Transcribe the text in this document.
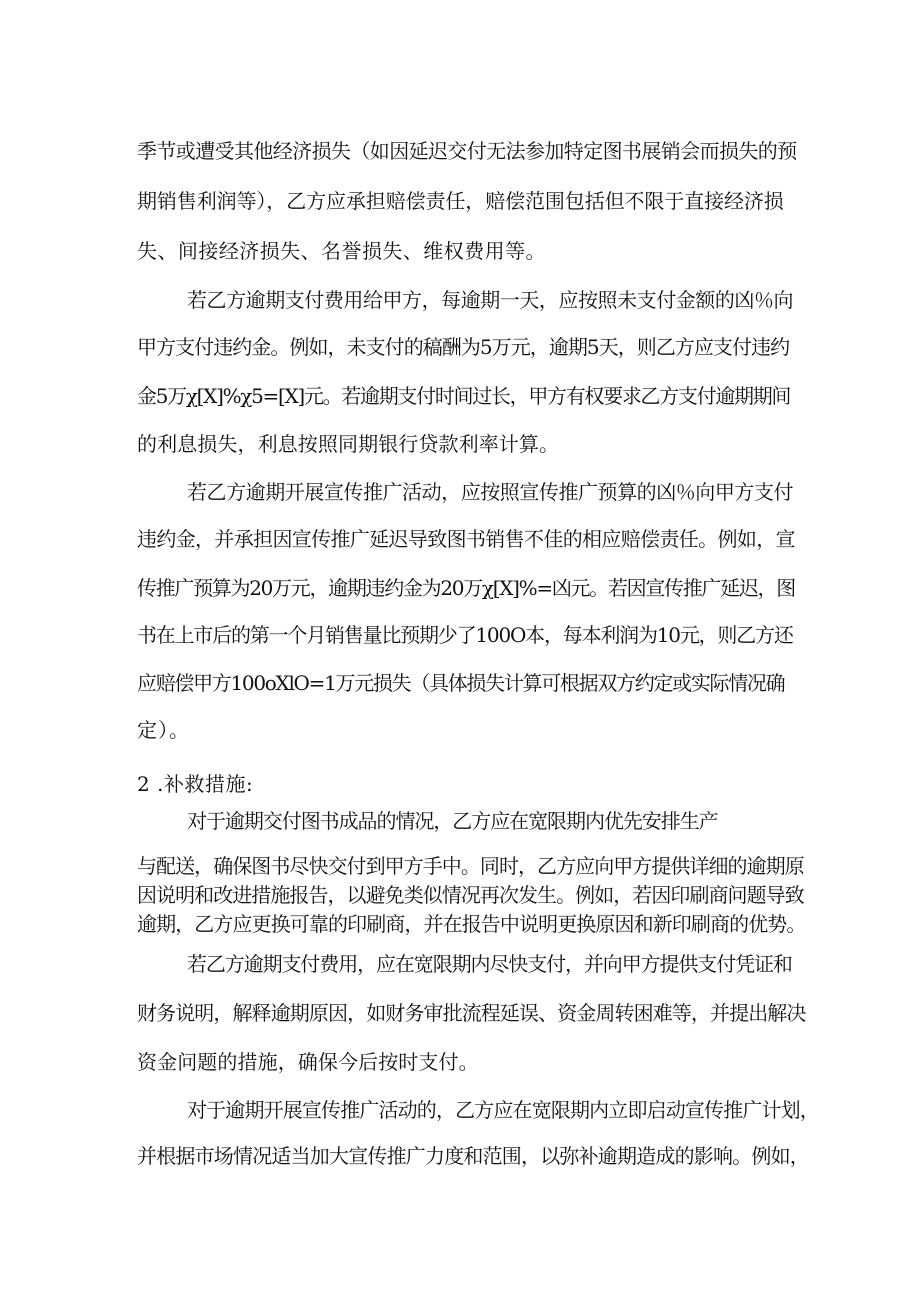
季节或遭受其他经济损失（如因延迟交付无法参加特定图书展销会而损失的预

期销售利润等），乙方应承担赔偿责任，赔偿范围包括但不限于直接经济损

失、间接经济损失、名誉损失、维权费用等。

若乙方逾期支付费用给甲方，每逾期一天，应按照未支付金额的凶％向

甲方支付违约金。例如，未支付的稿酬为5万元，逾期5天，则乙方应支付违约

金5万χ[X]%χ5=[X]元。若逾期支付时间过长，甲方有权要求乙方支付逾期期间

的利息损失，利息按照同期银行贷款利率计算。

若乙方逾期开展宣传推广活动，应按照宣传推广预算的凶％向甲方支付

违约金，并承担因宣传推广延迟导致图书销售不佳的相应赔偿责任。例如，宣

传推广预算为20万元，逾期违约金为20万χ[X]%=凶元。若因宣传推广延迟，图

书在上市后的第一个月销售量比预期少了100O本，每本利润为10元，则乙方还

应赔偿甲方100oXlO=1万元损失（具体损失计算可根据双方约定或实际情况确

定）。

2 .补救措施:

对于逾期交付图书成品的情况，乙方应在宽限期内优先安排生产

与配送，确保图书尽快交付到甲方手中。同时，乙方应向甲方提供详细的逾期原

因说明和改进措施报告，以避免类似情况再次发生。例如，若因印刷商问题导致

逾期，乙方应更换可靠的印刷商，并在报告中说明更换原因和新印刷商的优势。

若乙方逾期支付费用，应在宽限期内尽快支付，并向甲方提供支付凭证和

财务说明，解释逾期原因，如财务审批流程延误、资金周转困难等，并提出解决

资金问题的措施，确保今后按时支付。

对于逾期开展宣传推广活动的，乙方应在宽限期内立即启动宣传推广计划，

并根据市场情况适当加大宣传推广力度和范围，以弥补逾期造成的影响。例如，
